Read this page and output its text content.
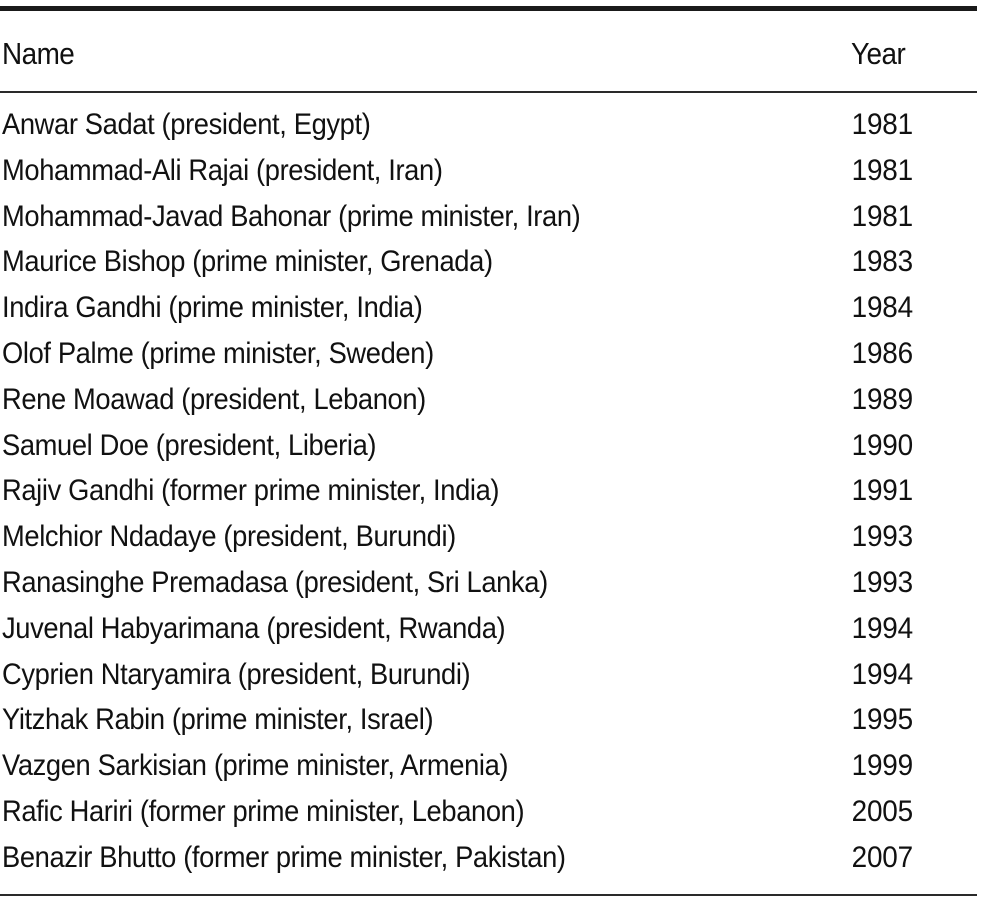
Name	Year
Anwar Sadat (president, Egypt)	1981
Mohammad-Ali Rajai (president, Iran)	1981
Mohammad-Javad Bahonar (prime minister, Iran)	1981
Maurice Bishop (prime minister, Grenada)	1983
Indira Gandhi (prime minister, India)	1984
Olof Palme (prime minister, Sweden)	1986
Rene Moawad (president, Lebanon)	1989
Samuel Doe (president, Liberia)	1990
Rajiv Gandhi (former prime minister, India)	1991
Melchior Ndadaye (president, Burundi)	1993
Ranasinghe Premadasa (president, Sri Lanka)	1993
Juvenal Habyarimana (president, Rwanda)	1994
Cyprien Ntaryamira (president, Burundi)	1994
Yitzhak Rabin (prime minister, Israel)	1995
Vazgen Sarkisian (prime minister, Armenia)	1999
Rafic Hariri (former prime minister, Lebanon)	2005
Benazir Bhutto (former prime minister, Pakistan)	2007
